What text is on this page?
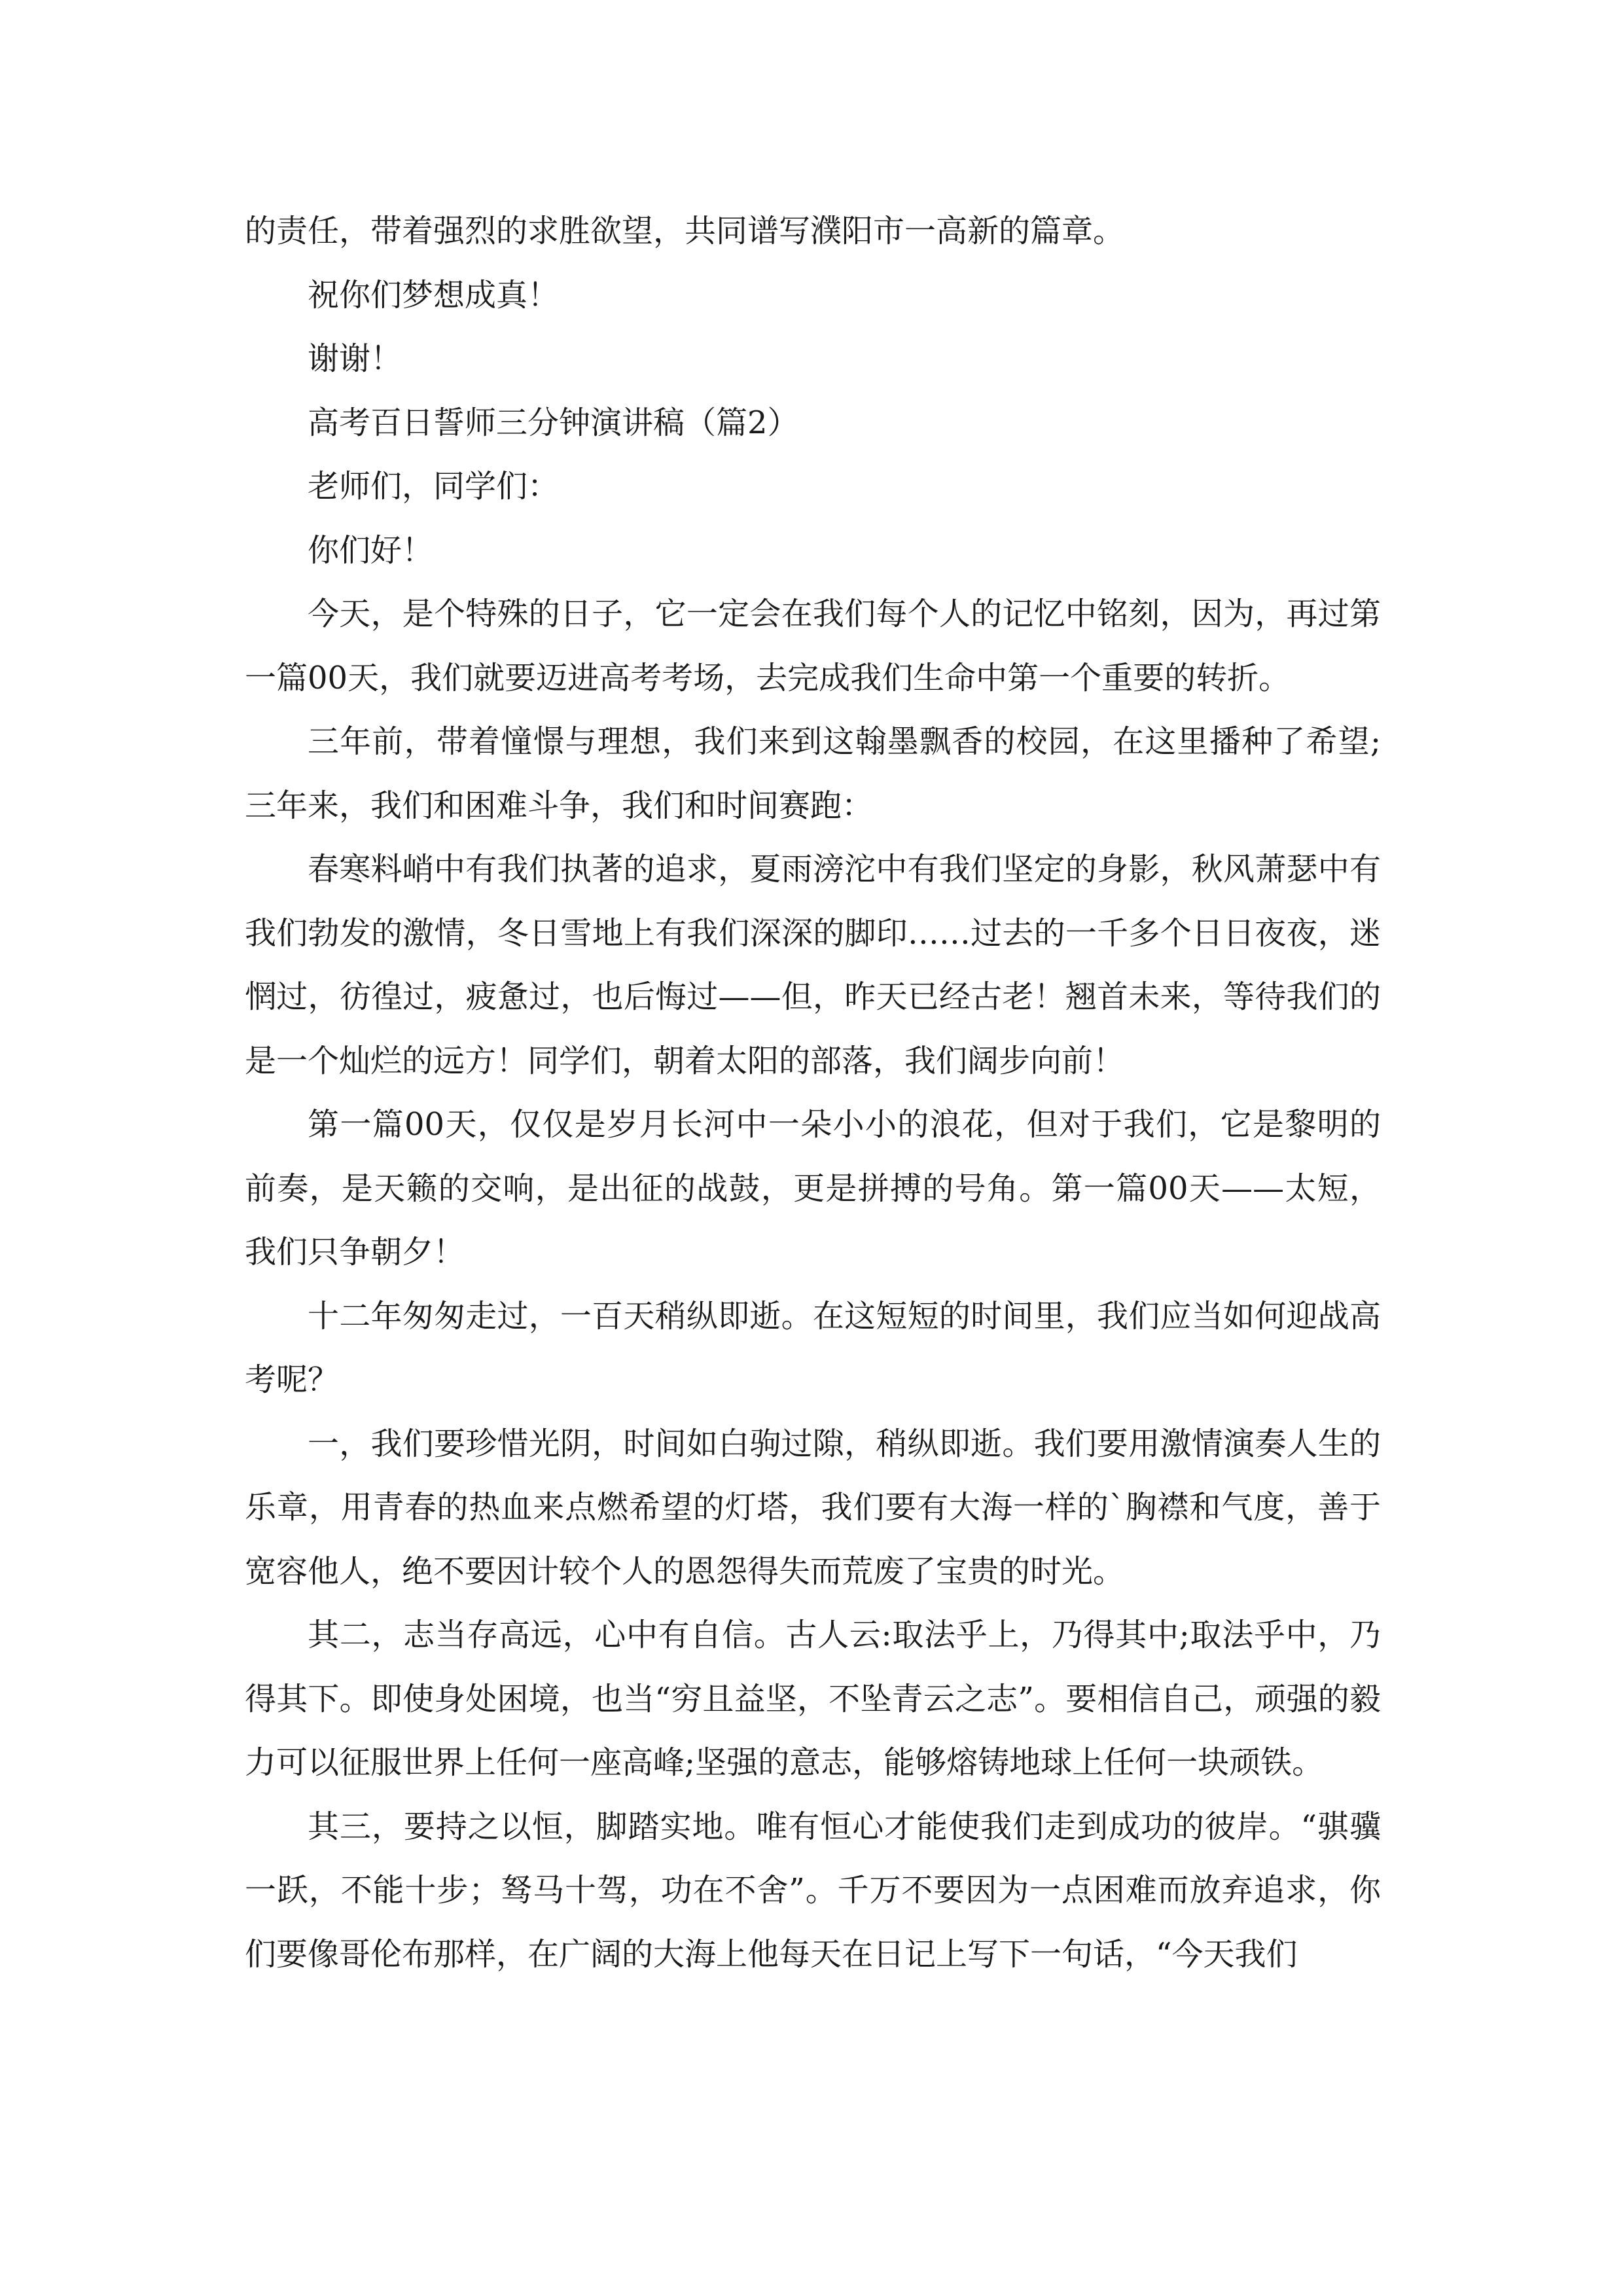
的责任，带着强烈的求胜欲望，共同谱写濮阳市一高新的篇章。

祝你们梦想成真！

谢谢！

高考百日誓师三分钟演讲稿（篇2）

老师们，同学们：

你们好！

今天，是个特殊的日子，它一定会在我们每个人的记忆中铭刻，因为，再过第一篇00天，我们就要迈进高考考场，去完成我们生命中第一个重要的转折。

三年前，带着憧憬与理想，我们来到这翰墨飘香的校园，在这里播种了希望;三年来，我们和困难斗争，我们和时间赛跑：

春寒料峭中有我们执著的追求，夏雨滂沱中有我们坚定的身影，秋风萧瑟中有我们勃发的激情，冬日雪地上有我们深深的脚印……过去的一千多个日日夜夜，迷惘过，彷徨过，疲惫过，也后悔过——但，昨天已经古老！翘首未来，等待我们的是一个灿烂的远方！同学们，朝着太阳的部落，我们阔步向前！

第一篇00天，仅仅是岁月长河中一朵小小的浪花，但对于我们，它是黎明的前奏，是天籁的交响，是出征的战鼓，更是拼搏的号角。第一篇00天——太短，我们只争朝夕！

十二年匆匆走过，一百天稍纵即逝。在这短短的时间里，我们应当如何迎战高考呢？

一，我们要珍惜光阴，时间如白驹过隙，稍纵即逝。我们要用激情演奏人生的乐章，用青春的热血来点燃希望的灯塔，我们要有大海一样的`胸襟和气度，善于宽容他人，绝不要因计较个人的恩怨得失而荒废了宝贵的时光。

其二，志当存高远，心中有自信。古人云:取法乎上，乃得其中;取法乎中，乃得其下。即使身处困境，也当“穷且益坚，不坠青云之志”。要相信自己，顽强的毅力可以征服世界上任何一座高峰;坚强的意志，能够熔铸地球上任何一块顽铁。

其三，要持之以恒，脚踏实地。唯有恒心才能使我们走到成功的彼岸。“骐骥一跃，不能十步；驽马十驾，功在不舍”。千万不要因为一点困难而放弃追求，你们要像哥伦布那样，在广阔的大海上他每天在日记上写下一句话，“今天我们
